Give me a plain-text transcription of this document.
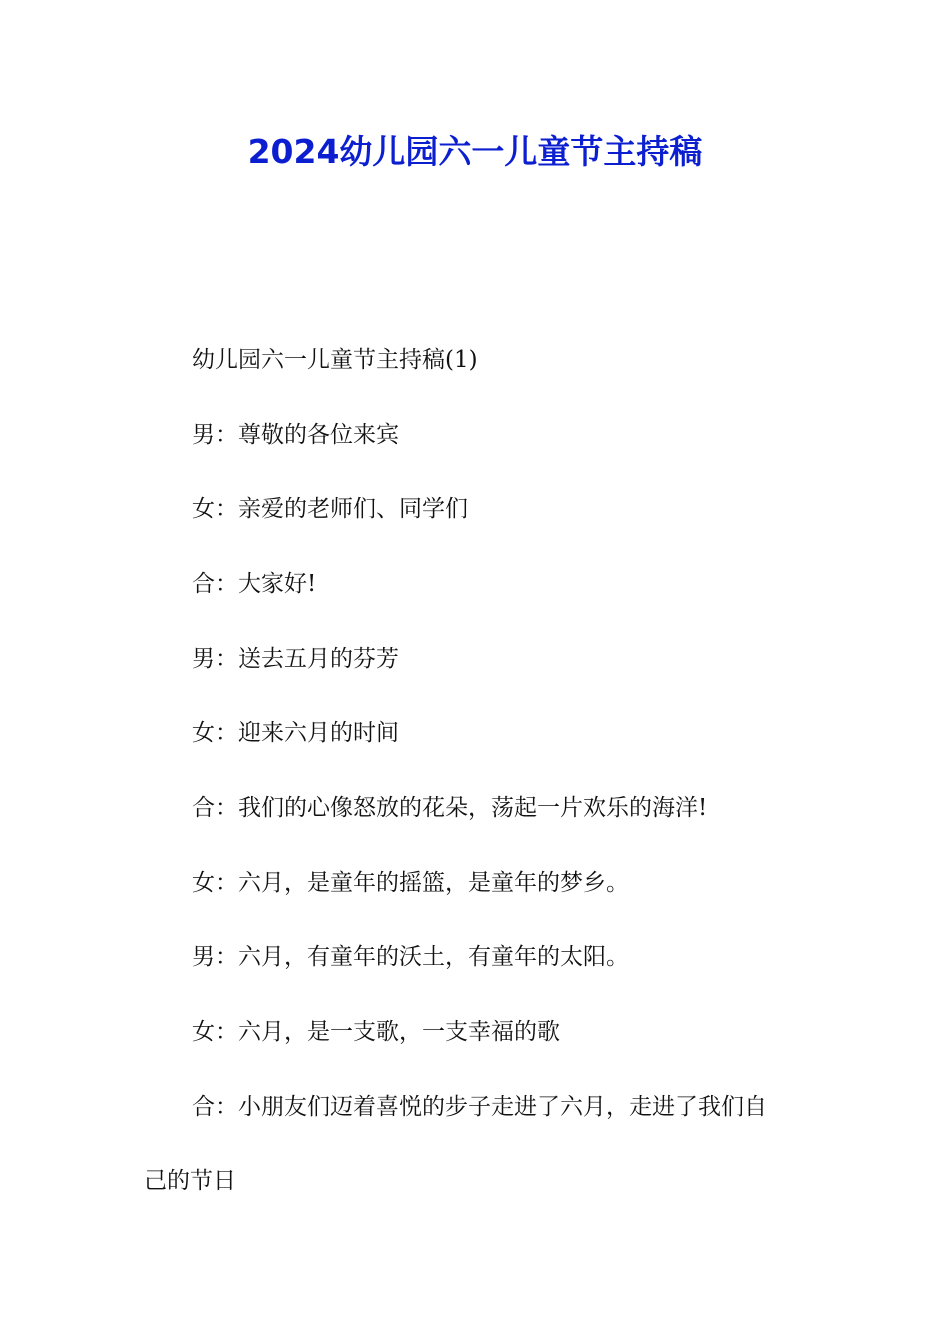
2024幼儿园六一儿童节主持稿

幼儿园六一儿童节主持稿(1)

男：尊敬的各位来宾

女：亲爱的老师们、同学们

合：大家好!

男：送去五月的芬芳

女：迎来六月的时间

合：我们的心像怒放的花朵，荡起一片欢乐的海洋!

女：六月，是童年的摇篮，是童年的梦乡。

男：六月，有童年的沃土，有童年的太阳。

女：六月，是一支歌，一支幸福的歌

合：小朋友们迈着喜悦的步子走进了六月，走进了我们自

己的节日
